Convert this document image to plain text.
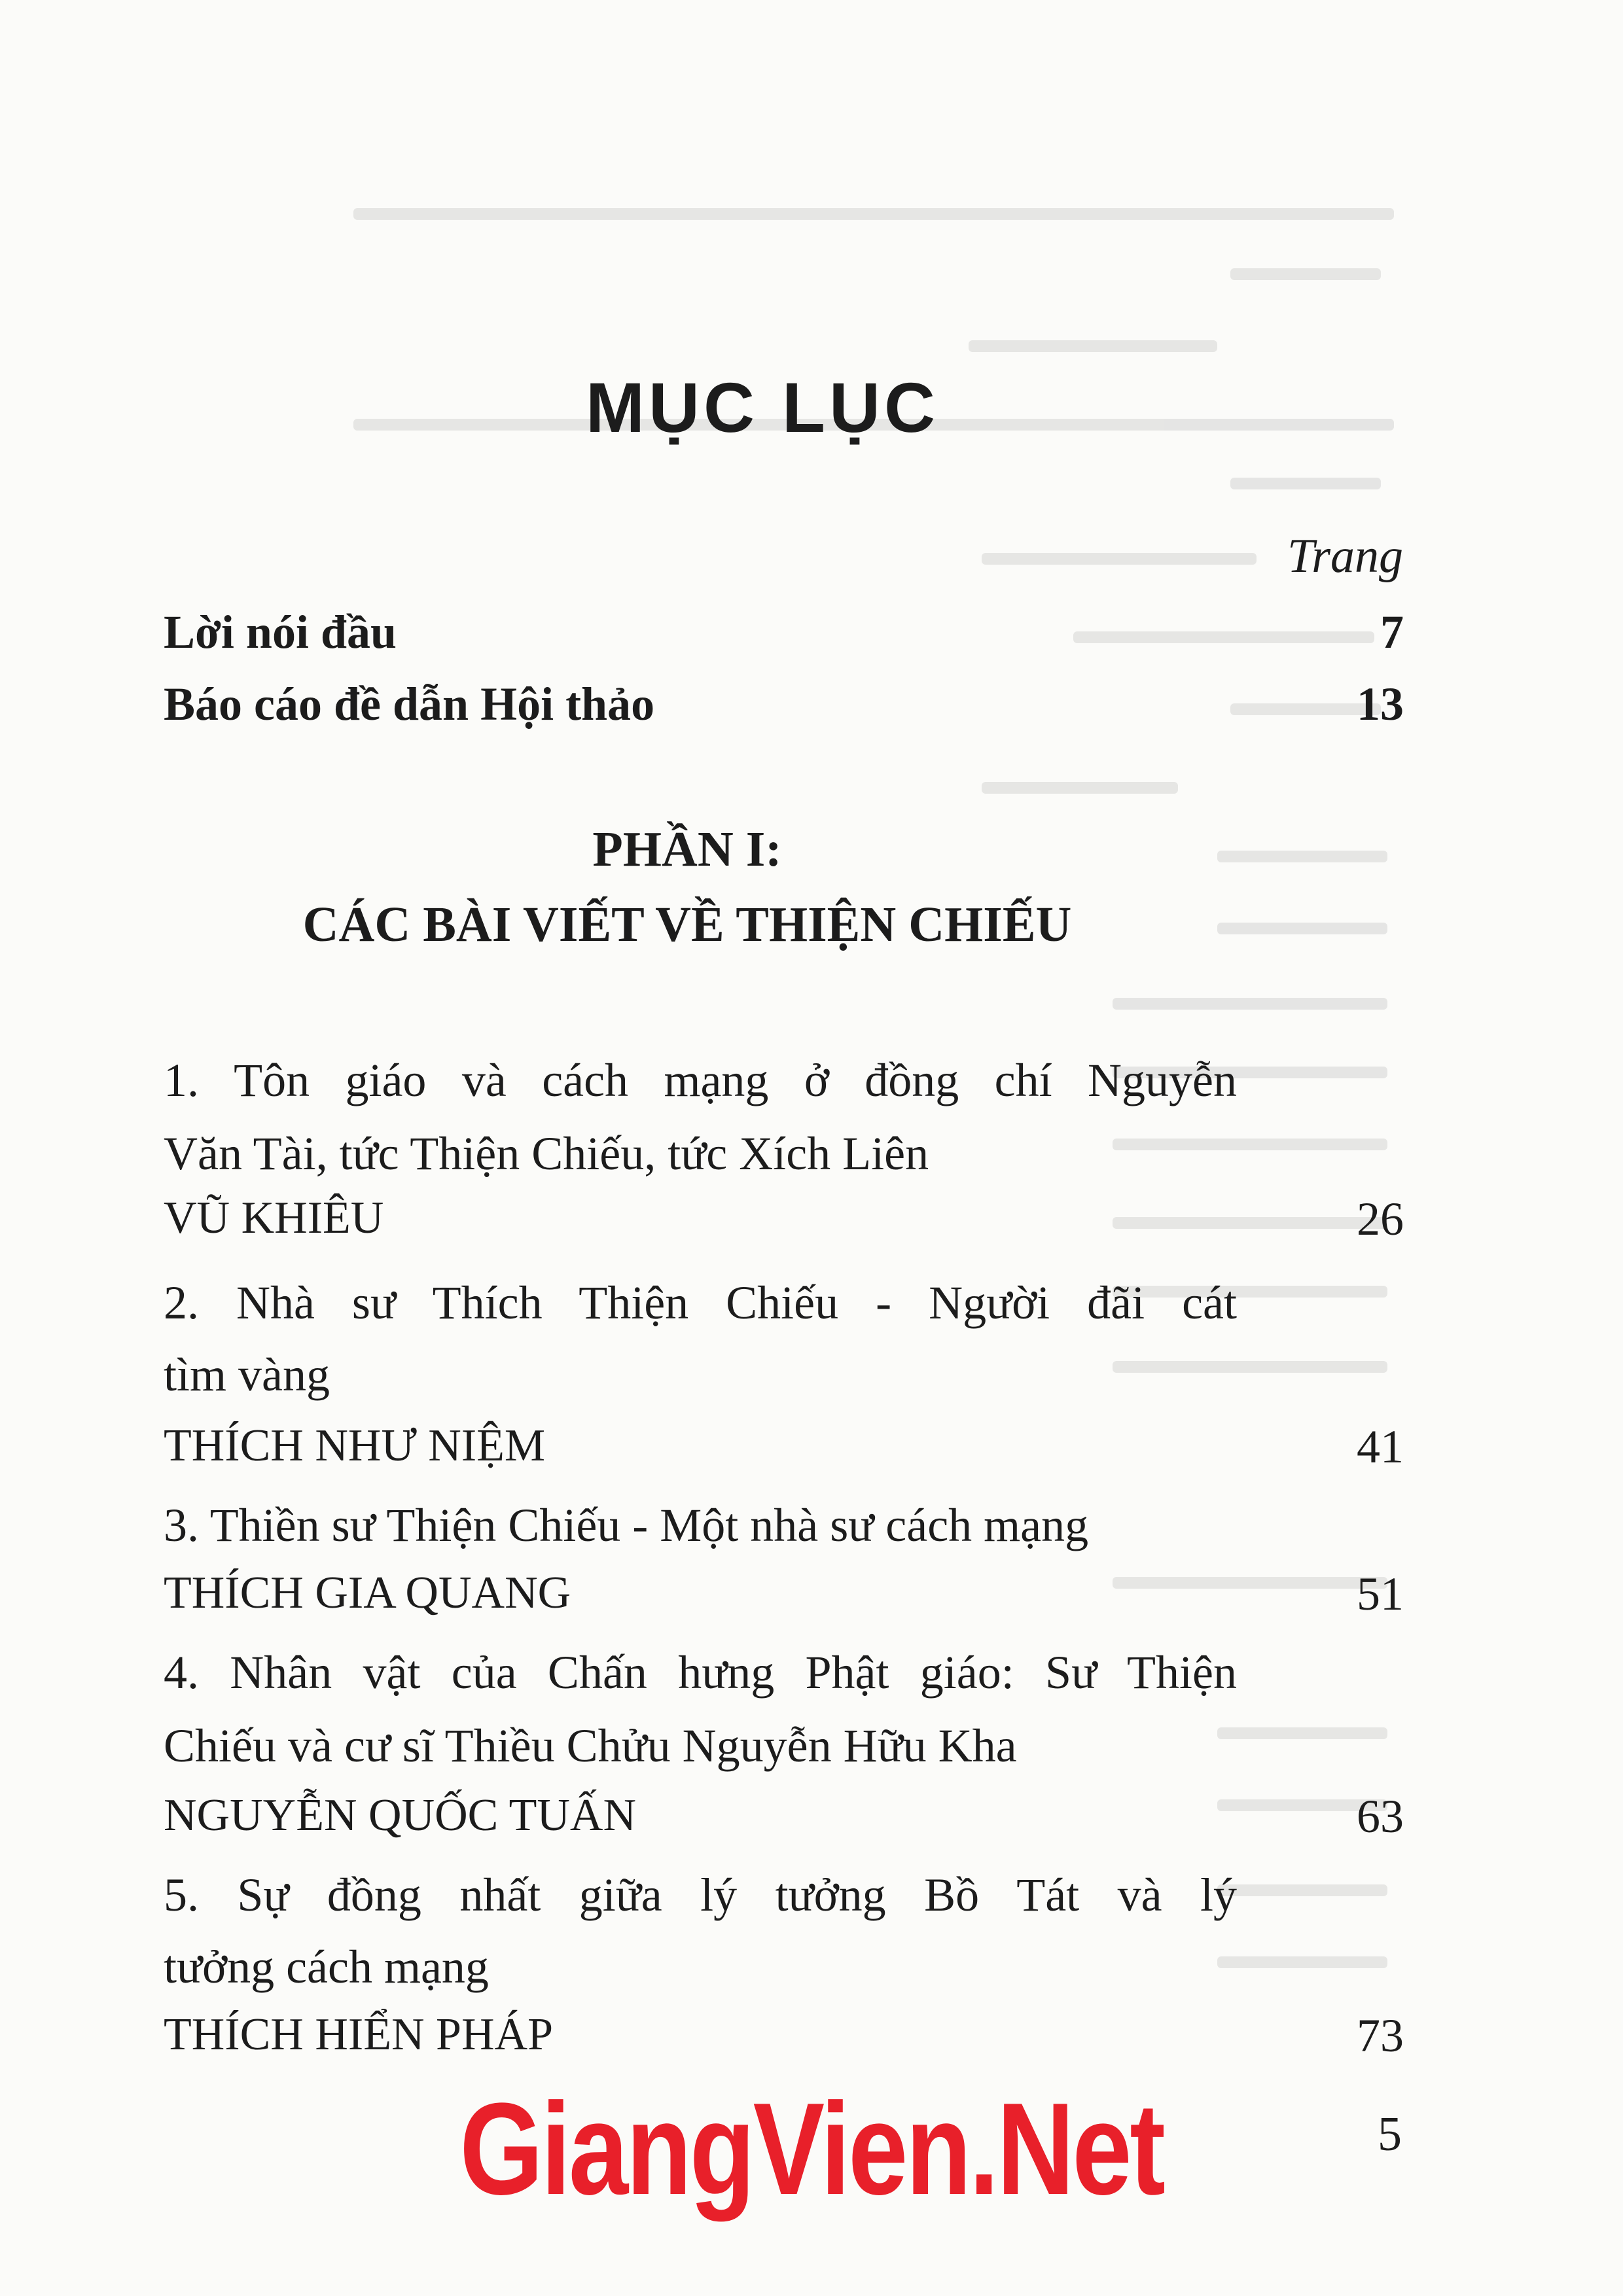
MỤC LỤC
Trang
Lời nói đầu	7
Báo cáo đề dẫn Hội thảo	13
PHẦN I:
CÁC BÀI VIẾT VỀ THIỆN CHIẾU
1. Tôn giáo và cách mạng ở đồng chí Nguyễn
Văn Tài, tức Thiện Chiếu, tức Xích Liên
VŨ KHIÊU	26
2. Nhà sư Thích Thiện Chiếu - Người đãi cát
tìm vàng
THÍCH NHƯ NIỆM	41
3. Thiền sư Thiện Chiếu - Một nhà sư cách mạng
THÍCH GIA QUANG	51
4. Nhân vật của Chấn hưng Phật giáo: Sư Thiện
Chiếu và cư sĩ Thiều Chửu Nguyễn Hữu Kha
NGUYỄN QUỐC TUẤN	63
5. Sự đồng nhất giữa lý tưởng Bồ Tát và lý
tưởng cách mạng
THÍCH HIỂN PHÁP	73
GiangVien.Net	5
